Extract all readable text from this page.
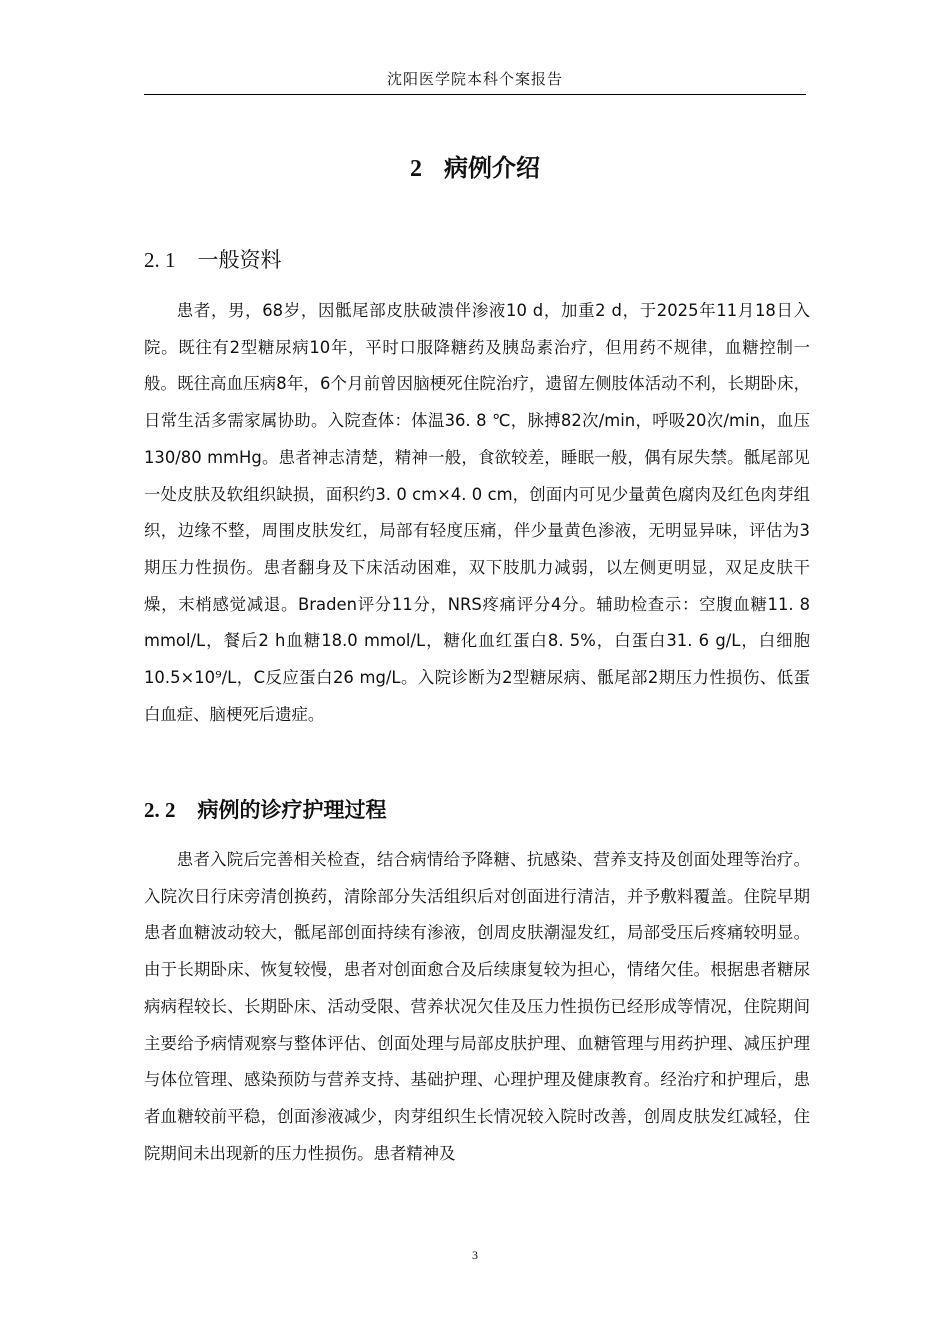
沈阳医学院本科个案报告
2 病例介绍
2. 1 一般资料

患者，男，68岁，因骶尾部皮肤破溃伴渗液10 d，加重2 d，于2025年11月18日入院。既往有2型糖尿病10年，平时口服降糖药及胰岛素治疗，但用药不规律，血糖控制一般。既往高血压病8年，6个月前曾因脑梗死住院治疗，遗留左侧肢体活动不利，长期卧床，日常生活多需家属协助。入院查体：体温36. 8 ℃，脉搏82次/min，呼吸20次/min，血压130/80 mmHg。患者神志清楚，精神一般，食欲较差，睡眠一般，偶有尿失禁。骶尾部见一处皮肤及软组织缺损，面积约3. 0 cm×4. 0 cm，创面内可见少量黄色腐肉及红色肉芽组织，边缘不整，周围皮肤发红，局部有轻度压痛，伴少量黄色渗液，无明显异味，评估为3期压力性损伤。患者翻身及下床活动困难，双下肢肌力减弱，以左侧更明显，双足皮肤干燥，末梢感觉减退。Braden评分11分，NRS疼痛评分4分。辅助检查示：空腹血糖11. 8 mmol/L，餐后2 h血糖18.0 mmol/L，糖化血红蛋白8. 5%，白蛋白31. 6 g/L，白细胞10.5×10⁹/L，C反应蛋白26 mg/L。入院诊断为2型糖尿病、骶尾部2期压力性损伤、低蛋白血症、脑梗死后遗症。

2. 2 病例的诊疗护理过程

患者入院后完善相关检查，结合病情给予降糖、抗感染、营养支持及创面处理等治疗。入院次日行床旁清创换药，清除部分失活组织后对创面进行清洁，并予敷料覆盖。住院早期患者血糖波动较大，骶尾部创面持续有渗液，创周皮肤潮湿发红，局部受压后疼痛较明显。由于长期卧床、恢复较慢，患者对创面愈合及后续康复较为担心，情绪欠佳。根据患者糖尿病病程较长、长期卧床、活动受限、营养状况欠佳及压力性损伤已经形成等情况，住院期间主要给予病情观察与整体评估、创面处理与局部皮肤护理、血糖管理与用药护理、减压护理与体位管理、感染预防与营养支持、基础护理、心理护理及健康教育。经治疗和护理后，患者血糖较前平稳，创面渗液减少，肉芽组织生长情况较入院时改善，创周皮肤发红减轻，住院期间未出现新的压力性损伤。患者精神及

3
